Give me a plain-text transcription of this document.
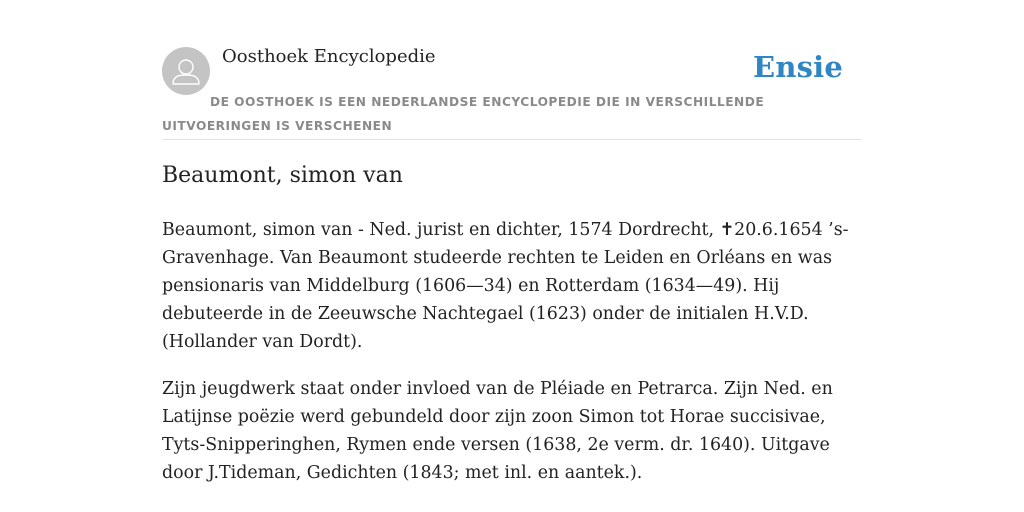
Oosthoek Encyclopedie	Ensie
DE OOSTHOEK IS EEN NEDERLANDSE ENCYCLOPEDIE DIE IN VERSCHILLENDE UITVOERINGEN IS VERSCHENEN
Beaumont, simon van

Beaumont, simon van - Ned. jurist en dichter, 1574 Dordrecht, ✝20.6.1654 ’s-Gravenhage. Van Beaumont studeerde rechten te Leiden en Orléans en was pensionaris van Middelburg (1606—34) en Rotterdam (1634—49). Hij debuteerde in de Zeeuwsche Nachtegael (1623) onder de initialen H.V.D. (Hollander van Dordt).

Zijn jeugdwerk staat onder invloed van de Pléiade en Petrarca. Zijn Ned. en Latijnse poëzie werd gebundeld door zijn zoon Simon tot Horae succisivae, Tyts-Snipperinghen, Rymen ende versen (1638, 2e verm. dr. 1640). Uitgave door J.Tideman, Gedichten (1843; met inl. en aantek.).
